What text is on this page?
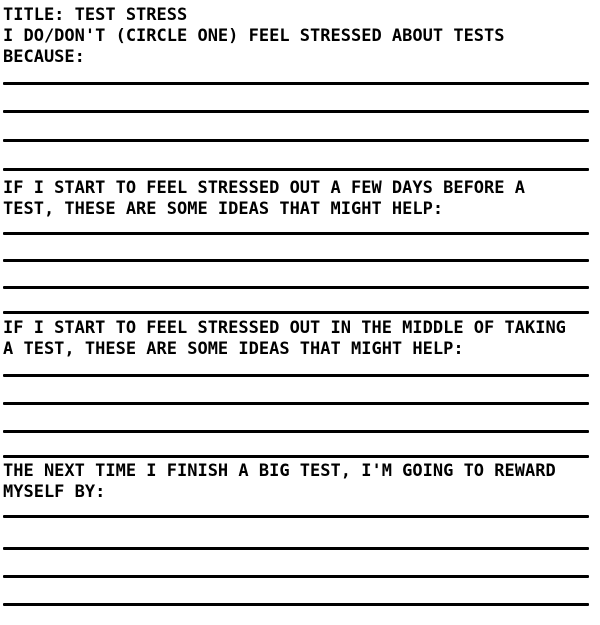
TITLE: TEST STRESS
I DO/DON'T (CIRCLE ONE) FEEL STRESSED ABOUT TESTS
BECAUSE:
IF I START TO FEEL STRESSED OUT A FEW DAYS BEFORE A
TEST, THESE ARE SOME IDEAS THAT MIGHT HELP:
IF I START TO FEEL STRESSED OUT IN THE MIDDLE OF TAKING
A TEST, THESE ARE SOME IDEAS THAT MIGHT HELP:
THE NEXT TIME I FINISH A BIG TEST, I'M GOING TO REWARD
MYSELF BY:
